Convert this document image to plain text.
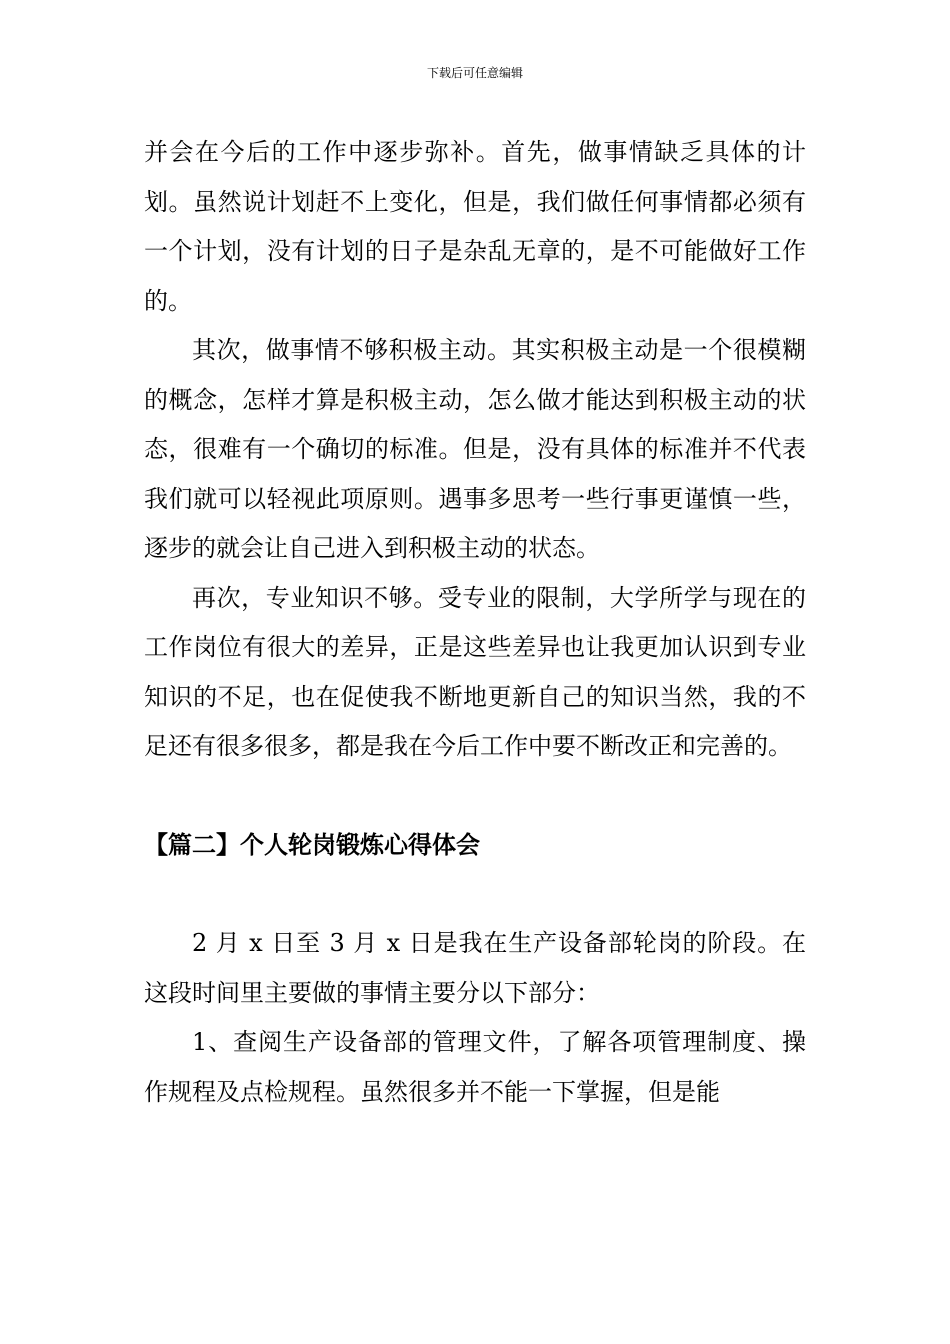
下载后可任意编辑

并会在今后的工作中逐步弥补。首先，做事情缺乏具体的计划。虽然说计划赶不上变化，但是，我们做任何事情都必须有一个计划，没有计划的日子是杂乱无章的，是不可能做好工作的。

其次，做事情不够积极主动。其实积极主动是一个很模糊的概念，怎样才算是积极主动，怎么做才能达到积极主动的状态，很难有一个确切的标准。但是，没有具体的标准并不代表我们就可以轻视此项原则。遇事多思考一些行事更谨慎一些，逐步的就会让自己进入到积极主动的状态。

再次，专业知识不够。受专业的限制，大学所学与现在的工作岗位有很大的差异，正是这些差异也让我更加认识到专业知识的不足，也在促使我不断地更新自己的知识当然，我的不足还有很多很多，都是我在今后工作中要不断改正和完善的。

【篇二】个人轮岗锻炼心得体会

2 月 x 日至 3 月 x 日是我在生产设备部轮岗的阶段。在这段时间里主要做的事情主要分以下部分：

1、查阅生产设备部的管理文件，了解各项管理制度、操作规程及点检规程。虽然很多并不能一下掌握，但是能
